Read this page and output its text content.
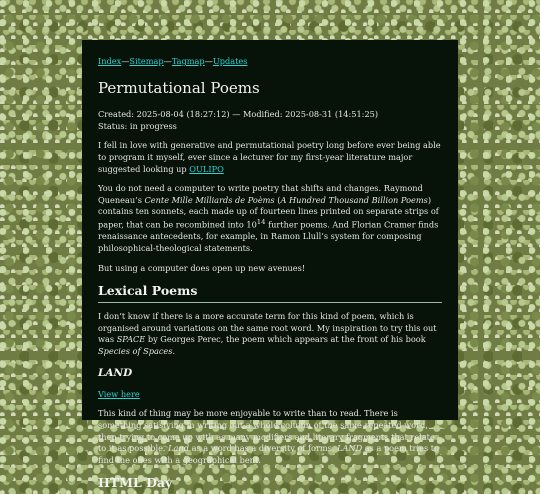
Index—Sitemap—Tagmap—Updates
Permutational Poems
Created: 2025-08-04 (18:27:12) — Modified: 2025-08-31 (14:51:25)
Status: in progress

I fell in love with generative and permutational poetry long before ever being able to program it myself, ever since a lecturer for my first-year literature major suggested looking up OULIPO

You do not need a computer to write poetry that shifts and changes. Raymond Queneau’s Cente Mille Milliards de Poèms (A Hundred Thousand Billion Poems) contains ten sonnets, each made up of fourteen lines printed on separate strips of paper, that can be recombined into $10^{14}$ further poems. And Florian Cramer finds renaissance antecedents, for example, in Ramon Llull’s system for composing philosophical-theological statements.

But using a computer does open up new avenues!

Lexical Poems

I don’t know if there is a more accurate term for this kind of poem, which is organised around variations on the same root word. My inspiration to try this out was SPACE by Georges Perec, the poem which appears at the front of his book Species of Spaces.

LAND

View here

This kind of thing may be more enjoyable to write than to read. There is something satisfying in writing out a whole column of the same repeated word, then trying to come up with as many modifiers and literary fragments that relate to it as possible. Land as a word has a diversity of forms. LAND as a poem tries to find the ones with a geographical bent.

HTML Day
